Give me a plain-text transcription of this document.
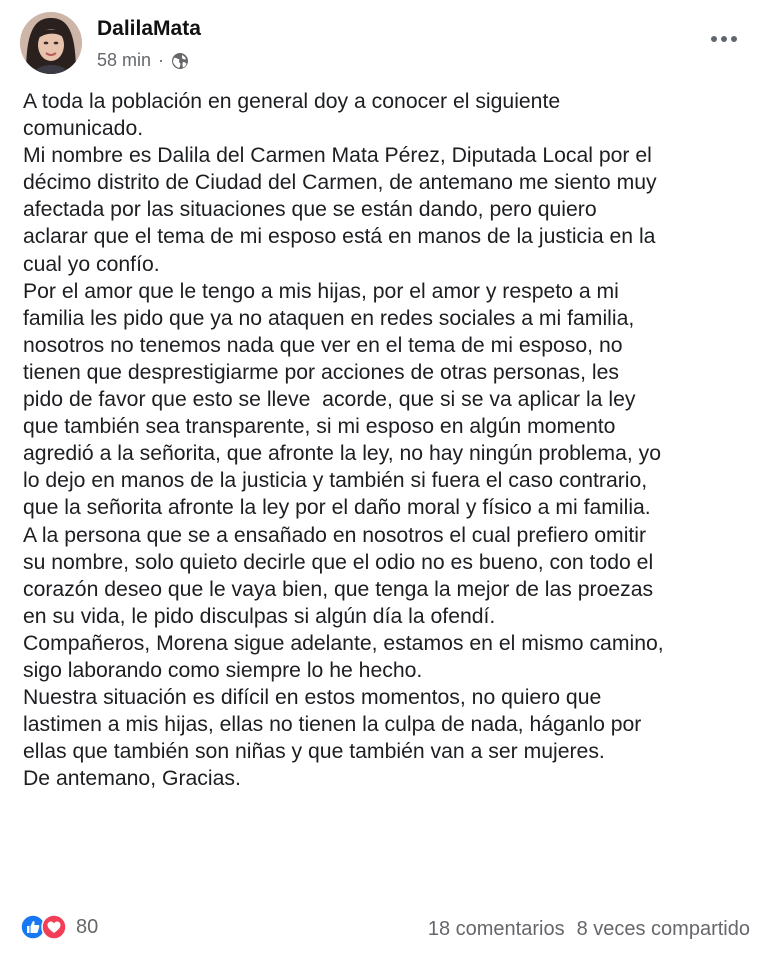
DalilaMata
58 min ·

A toda la población en general doy a conocer el siguiente
comunicado.

Mi nombre es Dalila del Carmen Mata Pérez, Diputada Local por el
décimo distrito de Ciudad del Carmen, de antemano me siento muy
afectada por las situaciones que se están dando, pero quiero
aclarar que el tema de mi esposo está en manos de la justicia en la
cual yo confío.

Por el amor que le tengo a mis hijas, por el amor y respeto a mi
familia les pido que ya no ataquen en redes sociales a mi familia,
nosotros no tenemos nada que ver en el tema de mi esposo, no
tienen que desprestigiarme por acciones de otras personas, les
pido de favor que esto se lleve  acorde, que si se va aplicar la ley
que también sea transparente, si mi esposo en algún momento
agredió a la señorita, que afronte la ley, no hay ningún problema, yo
lo dejo en manos de la justicia y también si fuera el caso contrario,
que la señorita afronte la ley por el daño moral y físico a mi familia.

A la persona que se a ensañado en nosotros el cual prefiero omitir
su nombre, solo quieto decirle que el odio no es bueno, con todo el
corazón deseo que le vaya bien, que tenga la mejor de las proezas
en su vida, le pido disculpas si algún día la ofendí.

Compañeros, Morena sigue adelante, estamos en el mismo camino,
sigo laborando como siempre lo he hecho.

Nuestra situación es difícil en estos momentos, no quiero que
lastimen a mis hijas, ellas no tienen la culpa de nada, háganlo por
ellas que también son niñas y que también van a ser mujeres.

De antemano, Gracias.

80	18 comentarios 8 veces compartido
